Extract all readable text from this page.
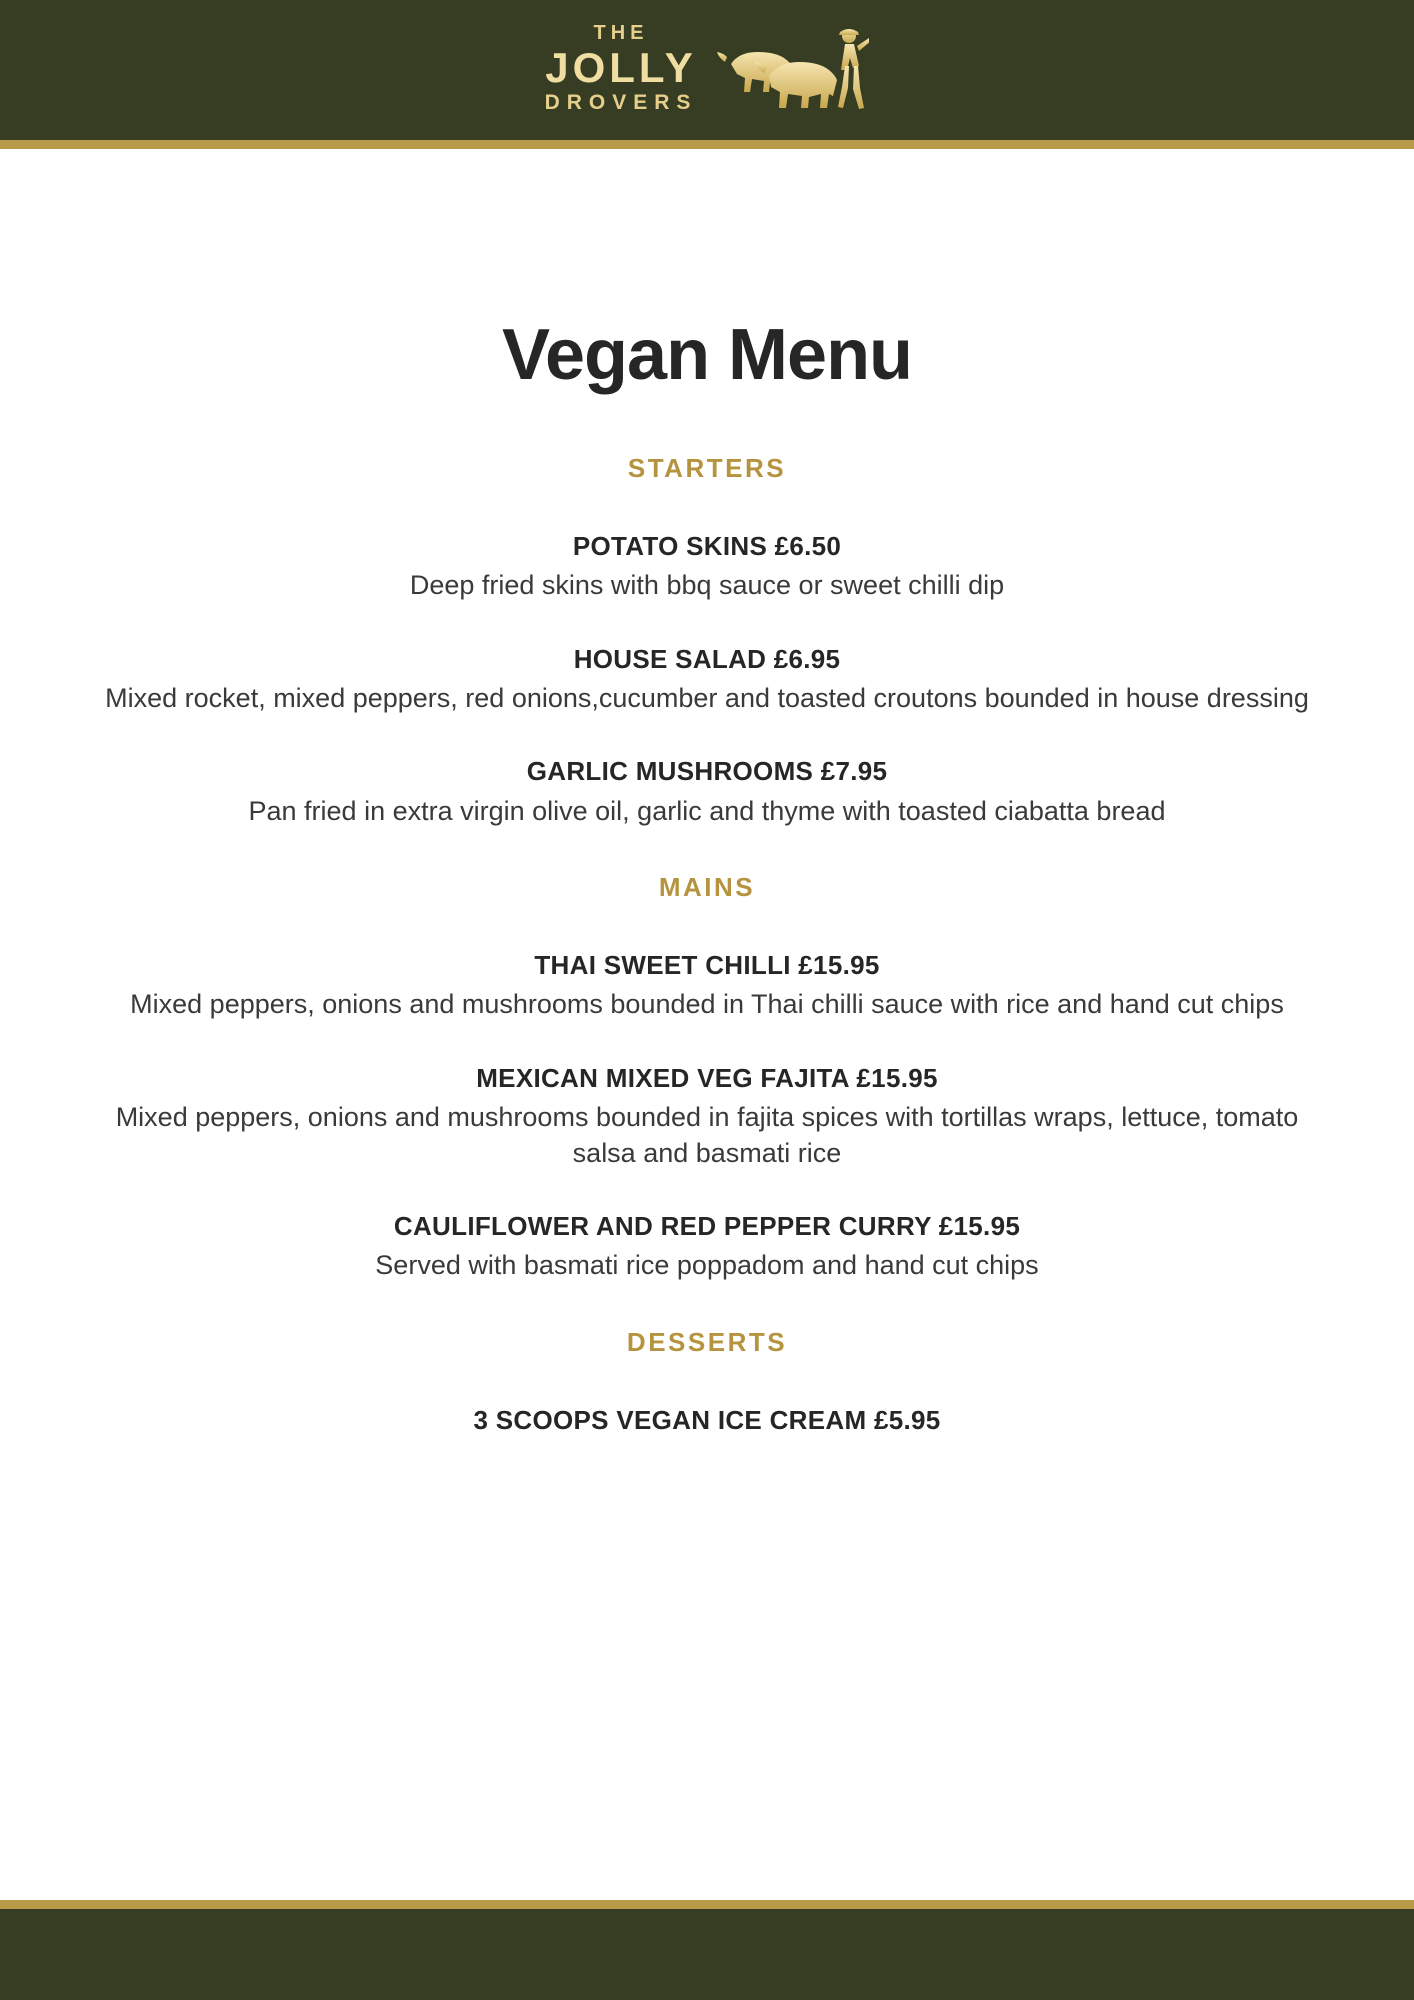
THE
JOLLY
DROVERS
Vegan Menu
STARTERS
POTATO SKINS £6.50
Deep fried skins with bbq sauce or sweet chilli dip
HOUSE SALAD £6.95
Mixed rocket, mixed peppers, red onions,cucumber and toasted croutons bounded in house dressing
GARLIC MUSHROOMS £7.95
Pan fried in extra virgin olive oil, garlic and thyme with toasted ciabatta bread
MAINS
THAI SWEET CHILLI £15.95
Mixed peppers, onions and mushrooms bounded in Thai chilli sauce with rice and hand cut chips
MEXICAN MIXED VEG FAJITA £15.95
Mixed peppers, onions and mushrooms bounded in fajita spices with tortillas wraps, lettuce, tomato salsa and basmati rice
CAULIFLOWER AND RED PEPPER CURRY £15.95
Served with basmati rice poppadom and hand cut chips
DESSERTS
3 SCOOPS VEGAN ICE CREAM £5.95
